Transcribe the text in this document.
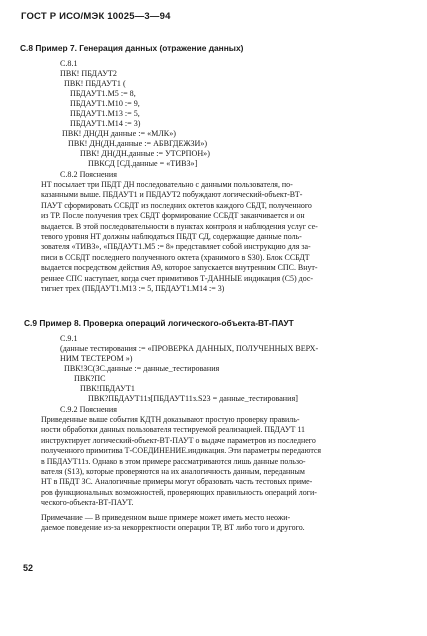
ГОСТ Р ИСО/МЭК 10025—3—94
С.8 Пример 7. Генерация данных (отражение данных)
С.8.1
ПВК! ПБДАУТ2
ПВК! ПБДАУТ1 (
ПБДАУТ1.М5 := 8,
ПБДАУТ1.М10 := 9,
ПБДАУТ1.М13 := 5,
ПБДАУТ1.М14 := 3)
ПВК! ДН(ДН данные := «МЛК»)
ПВК! ДН(ДН.данные := АБВГДЕЖЗИ»)
ПВК! ДН(ДН.данные := УТСРПОН»)
ПВКСД [СД.данные = «ТИВЗ»]
С.8.2 Пояснения
НТ посылает три ПБДТ ДН последовательно с данными пользователя, по-
казанными выше. ПБДАУТ1 и ПБДАУТ2 побуждают логический-объект-ВТ-
ПАУТ сформировать ССБДТ из последних октетов каждого СБДТ, полученного
из ТР. После получения трех СБДТ формирование ССБДТ заканчивается и он
выдается. В этой последовательности в пунктах контроля и наблюдения услуг се-
тевого уровня НТ должны наблюдаться ПБДТ СД, содержащие данные поль-
зователя «ТИВЗ», «ПБДАУТ1.М5 := 8» представляет собой инструкцию для за-
писи в ССБДТ последнего полученного октета (хранимого в S30). Блок ССБДТ
выдается посредством действия А9, которое запускается внутренним СПС. Внут-
реннее СПС наступает, когда счет примитивов Т-ДАННЫЕ индикация (С5) дос-
тигнет трех (ПБДАУТ1.М13 := 5, ПБДАУТ1.М14 := 3)
С.9 Пример 8. Проверка операций логического-объекта-ВТ-ПАУТ
С.9.1
(данные тестирования := «ПРОВЕРКА ДАННЫХ, ПОЛУЧЕННЫХ ВЕРХ-
НИМ ТЕСТЕРОМ »)
ПВК!ЗС(ЗС.данные := данные_тестирования
ПВК?ПС
ПВК!ПБДАУТ1
ПВК?ПБДАУТ11з[ПБДАУТ11з.S23 = данные_тестирования]
С.9.2 Пояснения
Приведенные выше события КДТН доказывают простую проверку правиль-
ности обработки данных пользователя тестируемой реализацией. ПБДАУТ 11
инструктирует логический-объект-ВТ-ПАУТ о выдаче параметров из последнего
полученного примитива Т-СОЕДИНЕНИЕ.индикация. Эти параметры передаются
в ПБДАУТ11з. Однако в этом примере рассматриваются лишь данные пользо-
вателя (S13), которые проверяются на их аналогичность данным, переданным
НТ в ПБДТ ЗС. Аналогичные примеры могут образовать часть тестовых приме-
ров функциональных возможностей, проверяющих правильность операций логи-
ческого-объекта-ВТ-ПАУТ.
Примечание — В приведенном выше примере может иметь место неожи-
даемое поведение из-за некорректности операции ТР, ВТ либо того и другого.
52
